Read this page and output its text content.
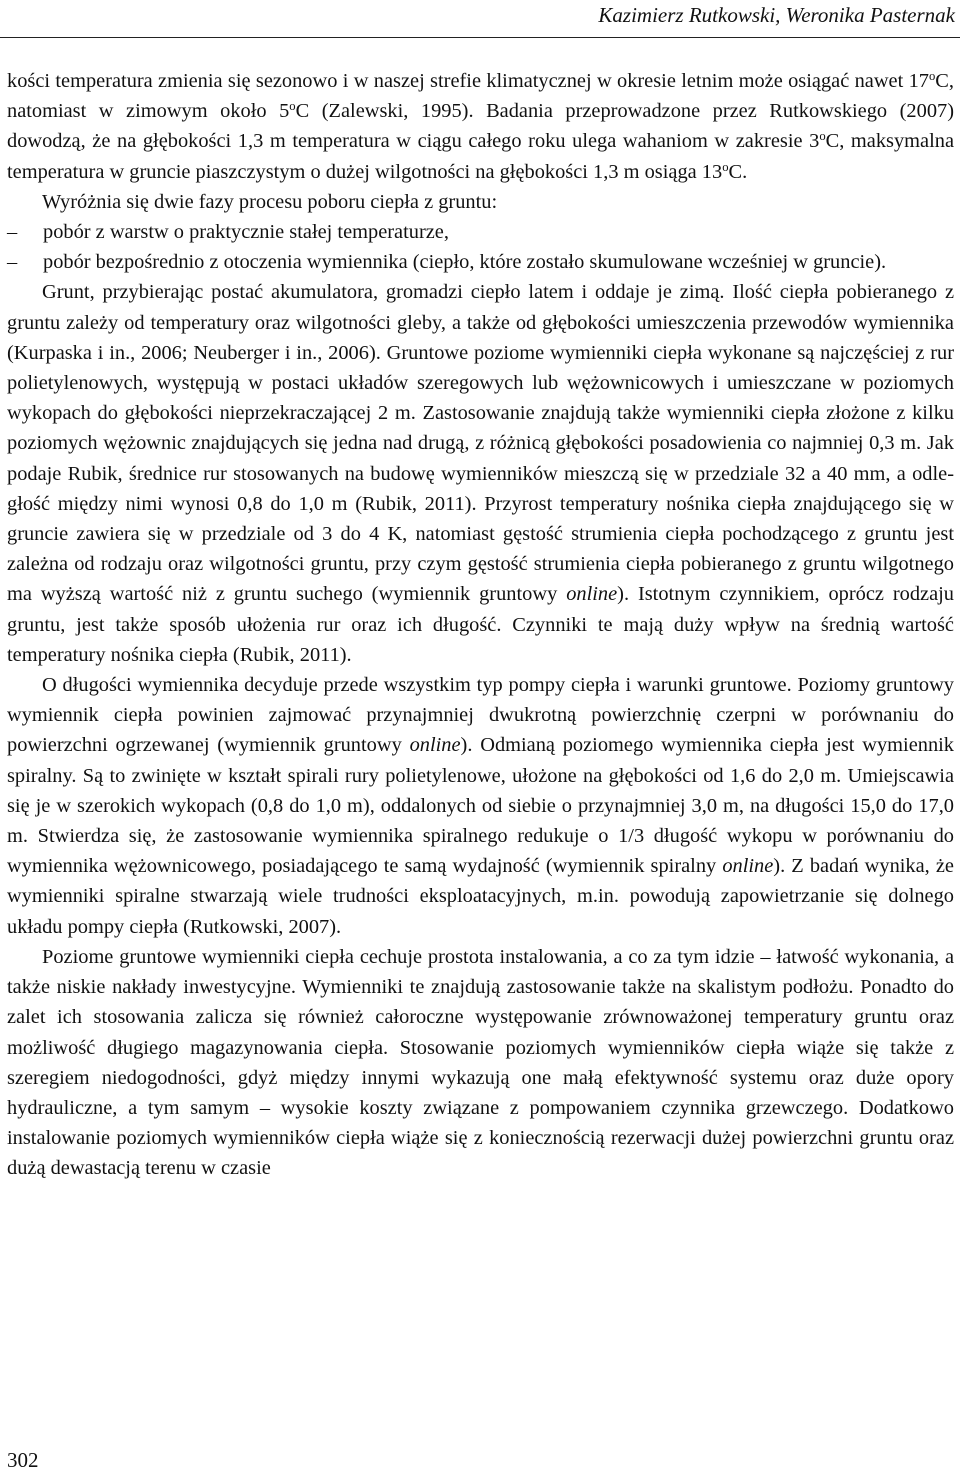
Kazimierz Rutkowski, Weronika Pasternak

kości temperatura zmienia się sezonowo i w naszej strefie klimatycznej w okresie letnim może osiągać nawet 17$^o$C, natomiast w zimowym około 5$^o$C (Zalewski, 1995). Badania przeprowadzone przez Rutkowskiego (2007) dowodzą, że na głębokości 1,3 m temperatura w ciągu całego roku ulega wahaniom w zakresie 3$^o$C, maksymalna temperatura w gruncie piaszczystym o dużej wilgotności na głębokości 1,3 m osiąga 13$^o$C.

Wyróżnia się dwie fazy procesu poboru ciepła z gruntu:

– pobór z warstw o praktycznie stałej temperaturze,

– pobór bezpośrednio z otoczenia wymiennika (ciepło, które zostało skumulowane wcześniej w gruncie).

Grunt, przybierając postać akumulatora, gromadzi ciepło latem i oddaje je zimą. Ilość ciepła pobieranego z gruntu zależy od temperatury oraz wilgotności gleby, a także od głębokości umieszczenia przewodów wymiennika (Kurpaska i in., 2006; Neuberger i in., 2006). Gruntowe poziome wymienniki ciepła wykonane są najczęściej z rur polietylenowych, występują w postaci układów szeregowych lub wężownicowych i umieszczane w poziomych wykopach do głębokości nieprzekraczającej 2 m. Zastosowanie znajdują także wymienniki ciepła złożone z kilku poziomych wężownic znajdujących się jedna nad drugą, z różnicą głębokości posadowienia co najmniej 0,3 m. Jak podaje Rubik, średnice rur stosowanych na budowę wymienników mieszczą się w przedziale 32 a 40 mm, a odległość między nimi wynosi 0,8 do 1,0 m (Rubik, 2011). Przyrost temperatury nośnika ciepła znajdującego się w gruncie zawiera się w przedziale od 3 do 4 K, natomiast gęstość strumienia ciepła pochodzącego z gruntu jest zależna od rodzaju oraz wilgotności gruntu, przy czym gęstość strumienia ciepła pobieranego z gruntu wilgotnego ma wyższą wartość niż z gruntu suchego (wymiennik gruntowy online). Istotnym czynnikiem, oprócz rodzaju gruntu, jest także sposób ułożenia rur oraz ich długość. Czynniki te mają duży wpływ na średnią wartość temperatury nośnika ciepła (Rubik, 2011).

O długości wymiennika decyduje przede wszystkim typ pompy ciepła i warunki gruntowe. Poziomy gruntowy wymiennik ciepła powinien zajmować przynajmniej dwukrotną powierzchnię czerpni w porównaniu do powierzchni ogrzewanej (wymiennik gruntowy online). Odmianą poziomego wymiennika ciepła jest wymiennik spiralny. Są to zwinięte w kształt spirali rury polietylenowe, ułożone na głębokości od 1,6 do 2,0 m. Umiejscawia się je w szerokich wykopach (0,8 do 1,0 m), oddalonych od siebie o przynajmniej 3,0 m, na długości 15,0 do 17,0 m. Stwierdza się, że zastosowanie wymiennika spiralnego redukuje o 1/3 długość wykopu w porównaniu do wymiennika wężownicowego, posiadającego te samą wydajność (wymiennik spiralny online). Z badań wynika, że wymienniki spiralne stwarzają wiele trudności eksploatacyjnych, m.in. powodują zapowietrzanie się dolnego układu pompy ciepła (Rutkowski, 2007).

Poziome gruntowe wymienniki ciepła cechuje prostota instalowania, a co za tym idzie – łatwość wykonania, a także niskie nakłady inwestycyjne. Wymienniki te znajdują zastosowanie także na skalistym podłożu. Ponadto do zalet ich stosowania zalicza się również całoroczne występowanie zrównoważonej temperatury gruntu oraz możliwość długiego magazynowania ciepła. Stosowanie poziomych wymienników ciepła wiąże się także z szeregiem niedogodności, gdyż między innymi wykazują one małą efektywność systemu oraz duże opory hydrauliczne, a tym samym – wysokie koszty związane z pompowaniem czynnika grzewczego. Dodatkowo instalowanie poziomych wymienników ciepła wiąże się z koniecznością rezerwacji dużej powierzchni gruntu oraz dużą dewastacją terenu w czasie

302
